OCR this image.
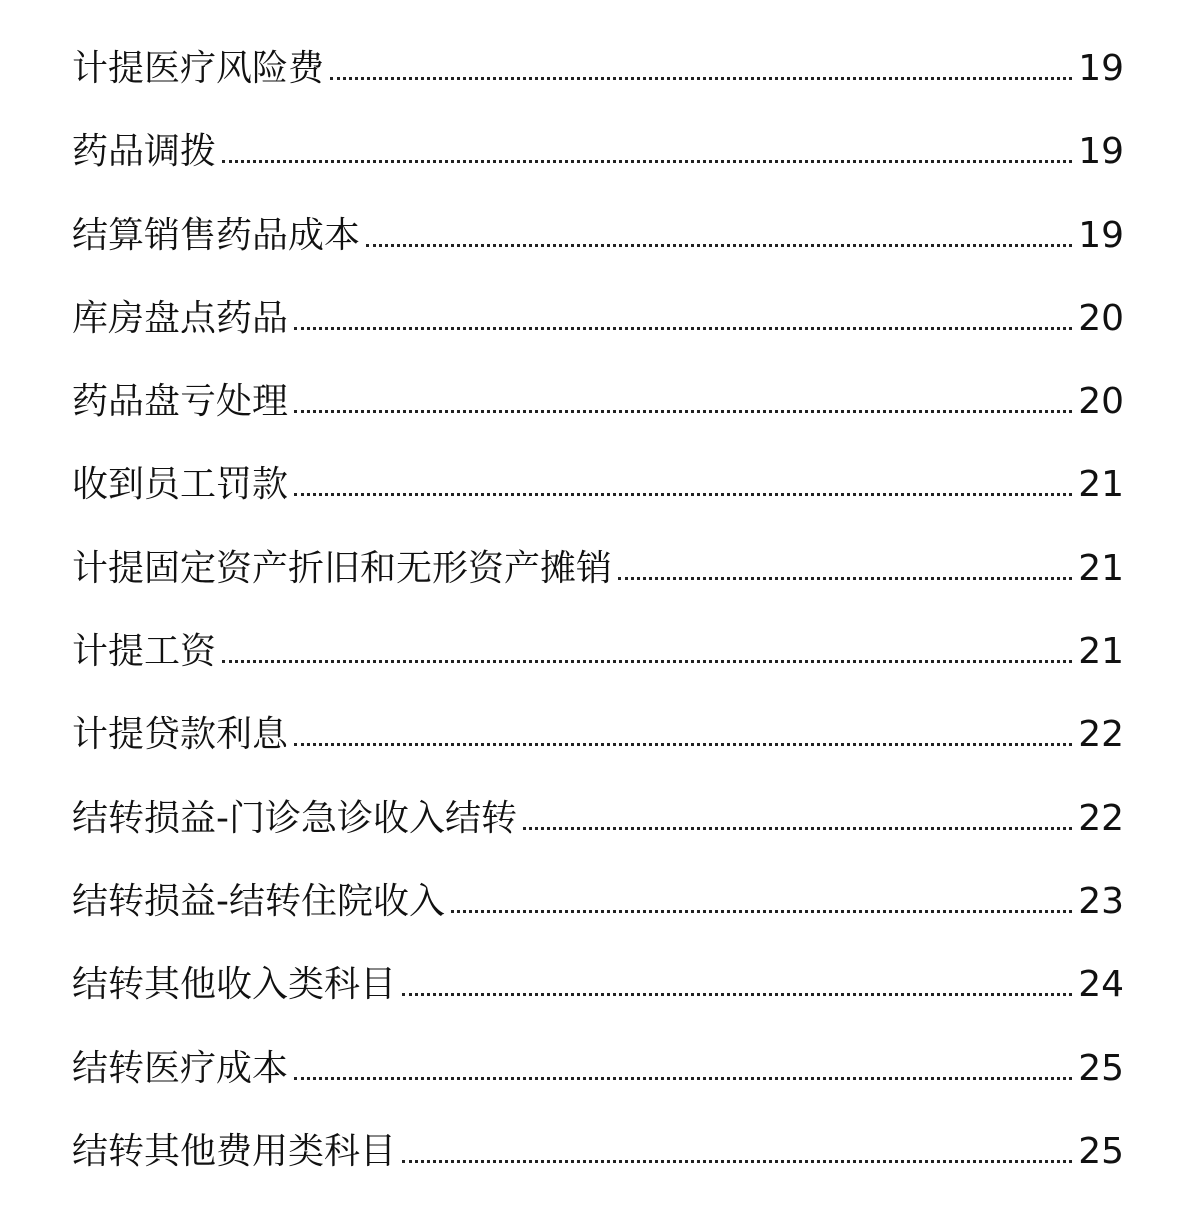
计提医疗风险费	19
药品调拨	19
结算销售药品成本	19
库房盘点药品	20
药品盘亏处理	20
收到员工罚款	21
计提固定资产折旧和无形资产摊销	21
计提工资	21
计提贷款利息	22
结转损益-门诊急诊收入结转	22
结转损益-结转住院收入	23
结转其他收入类科目	24
结转医疗成本	25
结转其他费用类科目	25
